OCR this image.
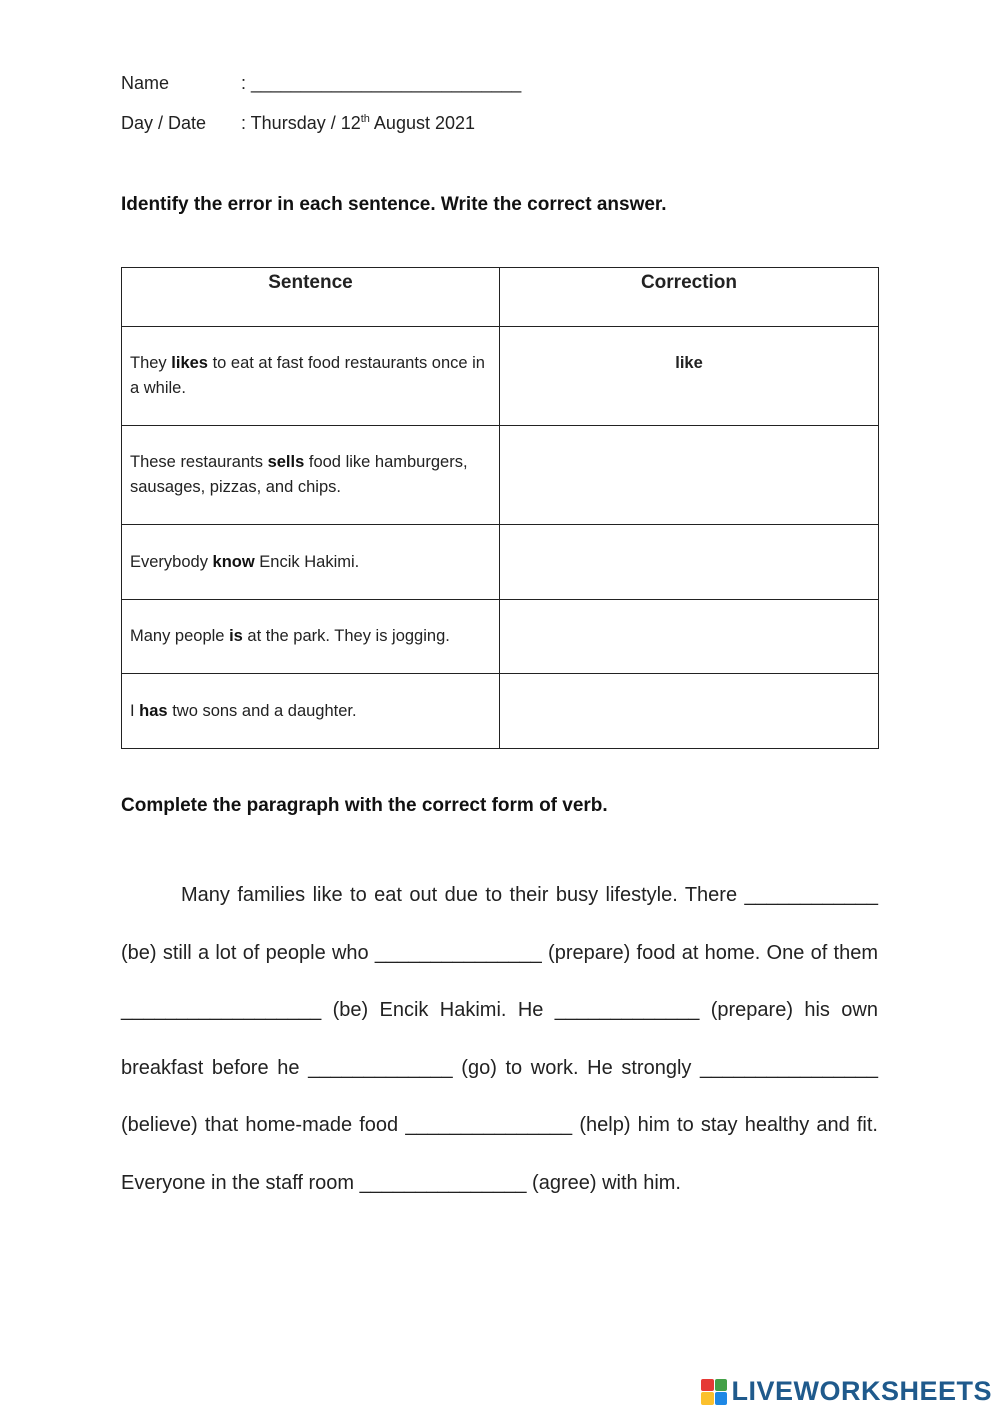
Name	: ___________________________
Day / Date : Thursday / 12th August 2021
Identify the error in each sentence. Write the correct answer.
Sentence	Correction
They likes to eat at fast food restaurants once in a while.	like
These restaurants sells food like hamburgers, sausages, pizzas, and chips.	
Everybody know Encik Hakimi.	
Many people is at the park. They is jogging.	
I has two sons and a daughter.	
Complete the paragraph with the correct form of verb.
Many families like to eat out due to their busy lifestyle. There ____________ (be) still a lot of people who _______________ (prepare) food at home. One of them __________________ (be) Encik Hakimi. He _____________ (prepare) his own breakfast before he _____________ (go) to work. He strongly ________________ (believe) that home-made food _______________ (help) him to stay healthy and fit. Everyone in the staff room _______________ (agree) with him.
LIVEWORKSHEETS
